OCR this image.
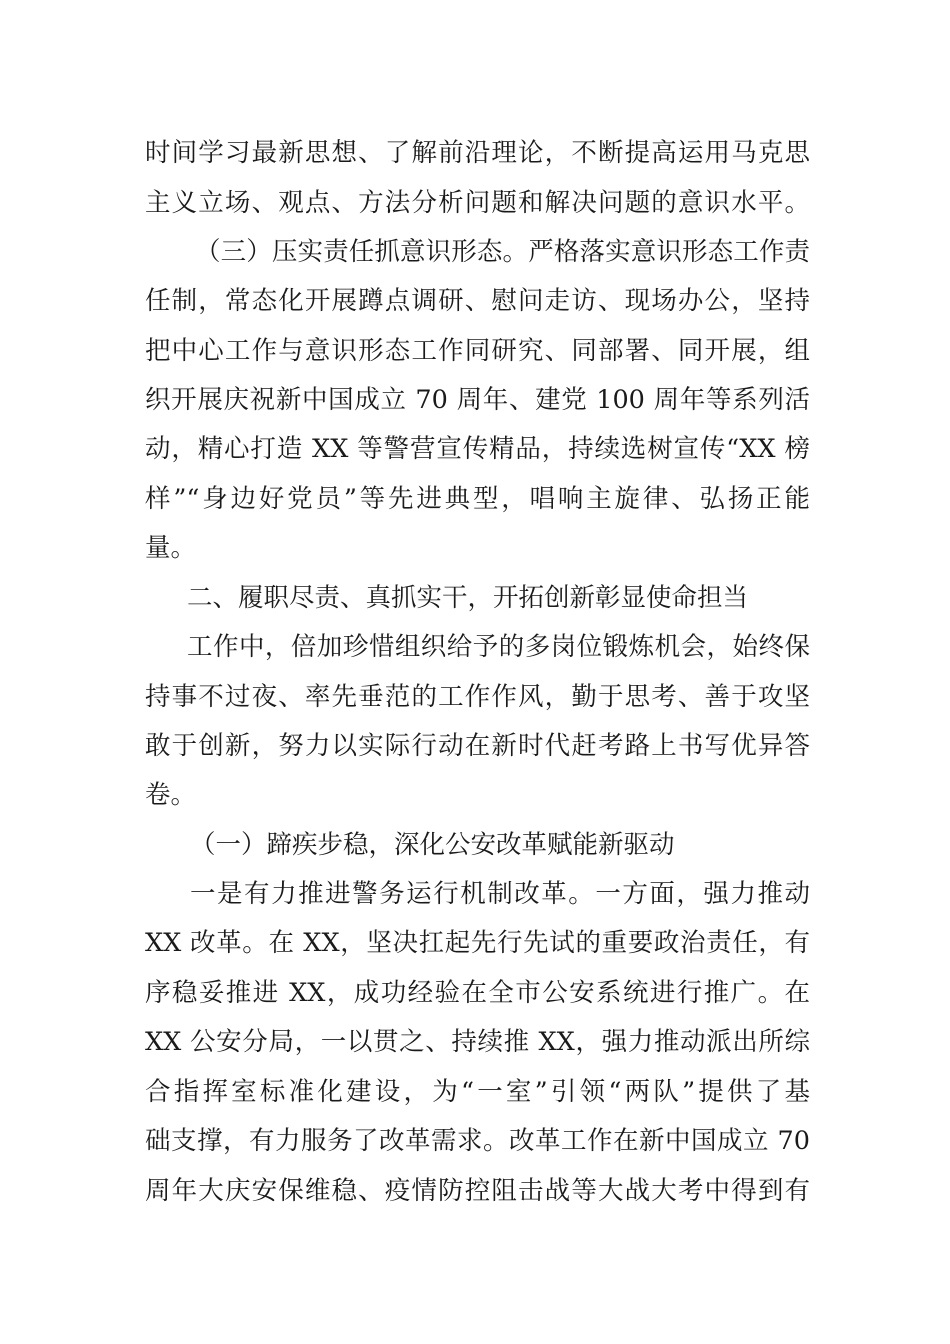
时间学习最新思想、了解前沿理论，不断提高运用马克思
主义立场、观点、方法分析问题和解决问题的意识水平。
（三）压实责任抓意识形态。严格落实意识形态工作责
任制，常态化开展蹲点调研、慰问走访、现场办公，坚持
把中心工作与意识形态工作同研究、同部署、同开展，组
织开展庆祝新中国成立 70 周年、建党 100 周年等系列活
动，精心打造 XX 等警营宣传精品，持续选树宣传“XX 榜
样”“身边好党员”等先进典型，唱响主旋律、弘扬正能
量。
二、履职尽责、真抓实干，开拓创新彰显使命担当
工作中，倍加珍惜组织给予的多岗位锻炼机会，始终保
持事不过夜、率先垂范的工作作风，勤于思考、善于攻坚
敢于创新，努力以实际行动在新时代赶考路上书写优异答
卷。
（一）蹄疾步稳，深化公安改革赋能新驱动
一是有力推进警务运行机制改革。一方面，强力推动
XX 改革。在 XX，坚决扛起先行先试的重要政治责任，有
序稳妥推进 XX，成功经验在全市公安系统进行推广。在
XX 公安分局，一以贯之、持续推 XX，强力推动派出所综
合指挥室标准化建设，为“一室”引领“两队”提供了基
础支撑，有力服务了改革需求。改革工作在新中国成立 70
周年大庆安保维稳、疫情防控阻击战等大战大考中得到有
